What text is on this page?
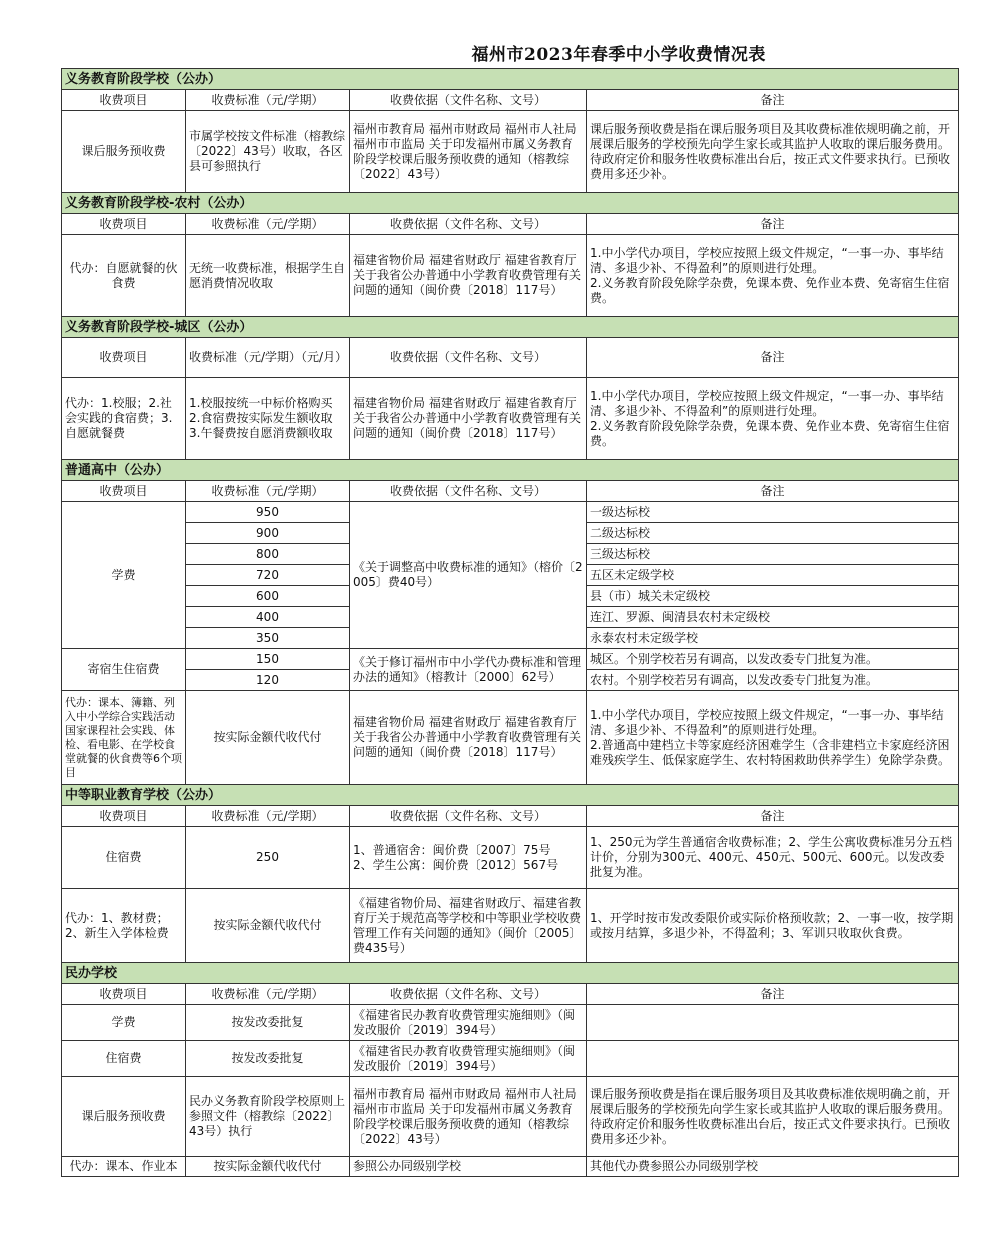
福州市2023年春季中小学收费情况表			

义务教育阶段学校（公办）			
收费项目	收费标准（元/学期）	收费依据（文件名称、文号）	备注
课后服务预收费	市属学校按文件标准（榕教综〔2022〕43号）收取，各区县可参照执行	福州市教育局 福州市财政局 福州市人社局 福州市市监局 关于印发福州市属义务教育阶段学校课后服务预收费的通知（榕教综〔2022〕43号）	课后服务预收费是指在课后服务项目及其收费标准依规明确之前，开展课后服务的学校预先向学生家长或其监护人收取的课后服务费用。待政府定价和服务性收费标准出台后，按正式文件要求执行。已预收费用多还少补。
义务教育阶段学校-农村（公办）			
收费项目	收费标准（元/学期）	收费依据（文件名称、文号）	备注
代办：自愿就餐的伙食费	无统一收费标准，根据学生自愿消费情况收取	福建省物价局 福建省财政厅 福建省教育厅 关于我省公办普通中小学教育收费管理有关问题的通知（闽价费〔2018〕117号）	1.中小学代办项目，学校应按照上级文件规定，“一事一办、事毕结清、多退少补、不得盈利”的原则进行处理。
2.义务教育阶段免除学杂费，免课本费、免作业本费、免寄宿生住宿费。
义务教育阶段学校-城区（公办）			
收费项目	收费标准（元/学期）（元/月）	收费依据（文件名称、文号）	备注
代办：1.校服；2.社会实践的食宿费；3.自愿就餐费	1.校服按统一中标价格购买
2.食宿费按实际发生额收取
3.午餐费按自愿消费额收取	福建省物价局 福建省财政厅 福建省教育厅 关于我省公办普通中小学教育收费管理有关问题的通知（闽价费〔2018〕117号）	1.中小学代办项目，学校应按照上级文件规定，“一事一办、事毕结清、多退少补、不得盈利”的原则进行处理。
2.义务教育阶段免除学杂费，免课本费、免作业本费、免寄宿生住宿费。
普通高中（公办）			
收费项目	收费标准（元/学期）	收费依据（文件名称、文号）	备注
学费	950	《关于调整高中收费标准的通知》（榕价〔2005〕费40号）	一级达标校
	900		二级达标校
	800		三级达标校
	720		五区未定级学校
	600		县（市）城关未定级校
	400		连江、罗源、闽清县农村未定级校
	350		永泰农村未定级学校
寄宿生住宿费	150	《关于修订福州市中小学代办费标准和管理办法的通知》（榕教计〔2000〕62号）	城区。个别学校若另有调高，以发改委专门批复为准。
	120		农村。个别学校若另有调高，以发改委专门批复为准。
代办：课本、簿籍、列入中小学综合实践活动国家课程社会实践、体检、看电影、在学校食堂就餐的伙食费等6个项目	按实际金额代收代付	福建省物价局 福建省财政厅 福建省教育厅 关于我省公办普通中小学教育收费管理有关问题的通知（闽价费〔2018〕117号）	1.中小学代办项目，学校应按照上级文件规定，“一事一办、事毕结清、多退少补、不得盈利”的原则进行处理。
2.普通高中建档立卡等家庭经济困难学生（含非建档立卡家庭经济困难残疾学生、低保家庭学生、农村特困救助供养学生）免除学杂费。
中等职业教育学校（公办）			
收费项目	收费标准（元/学期）	收费依据（文件名称、文号）	备注
住宿费	250	1、普通宿舍：闽价费〔2007〕75号
2、学生公寓：闽价费〔2012〕567号	1、250元为学生普通宿舍收费标准；2、学生公寓收费标准另分五档计价，分别为300元、400元、450元、500元、600元。以发改委批复为准。
代办：1、教材费；2、新生入学体检费	按实际金额代收代付	《福建省物价局、福建省财政厅、福建省教育厅关于规范高等学校和中等职业学校收费管理工作有关问题的通知》（闽价〔2005〕费435号）	1、开学时按市发改委限价或实际价格预收款；2、一事一收，按学期或按月结算，多退少补，不得盈利；3、军训只收取伙食费。
民办学校			
收费项目	收费标准（元/学期）	收费依据（文件名称、文号）	备注
学费	按发改委批复	《福建省民办教育收费管理实施细则》（闽发改服价〔2019〕394号）	
住宿费	按发改委批复	《福建省民办教育收费管理实施细则》（闽发改服价〔2019〕394号）	
课后服务预收费	民办义务教育阶段学校原则上参照文件（榕教综〔2022〕43号）执行	福州市教育局 福州市财政局 福州市人社局 福州市市监局 关于印发福州市属义务教育阶段学校课后服务预收费的通知（榕教综〔2022〕43号）	课后服务预收费是指在课后服务项目及其收费标准依规明确之前，开展课后服务的学校预先向学生家长或其监护人收取的课后服务费用。待政府定价和服务性收费标准出台后，按正式文件要求执行。已预收费用多还少补。
代办：课本、作业本	按实际金额代收代付	参照公办同级别学校	其他代办费参照公办同级别学校
